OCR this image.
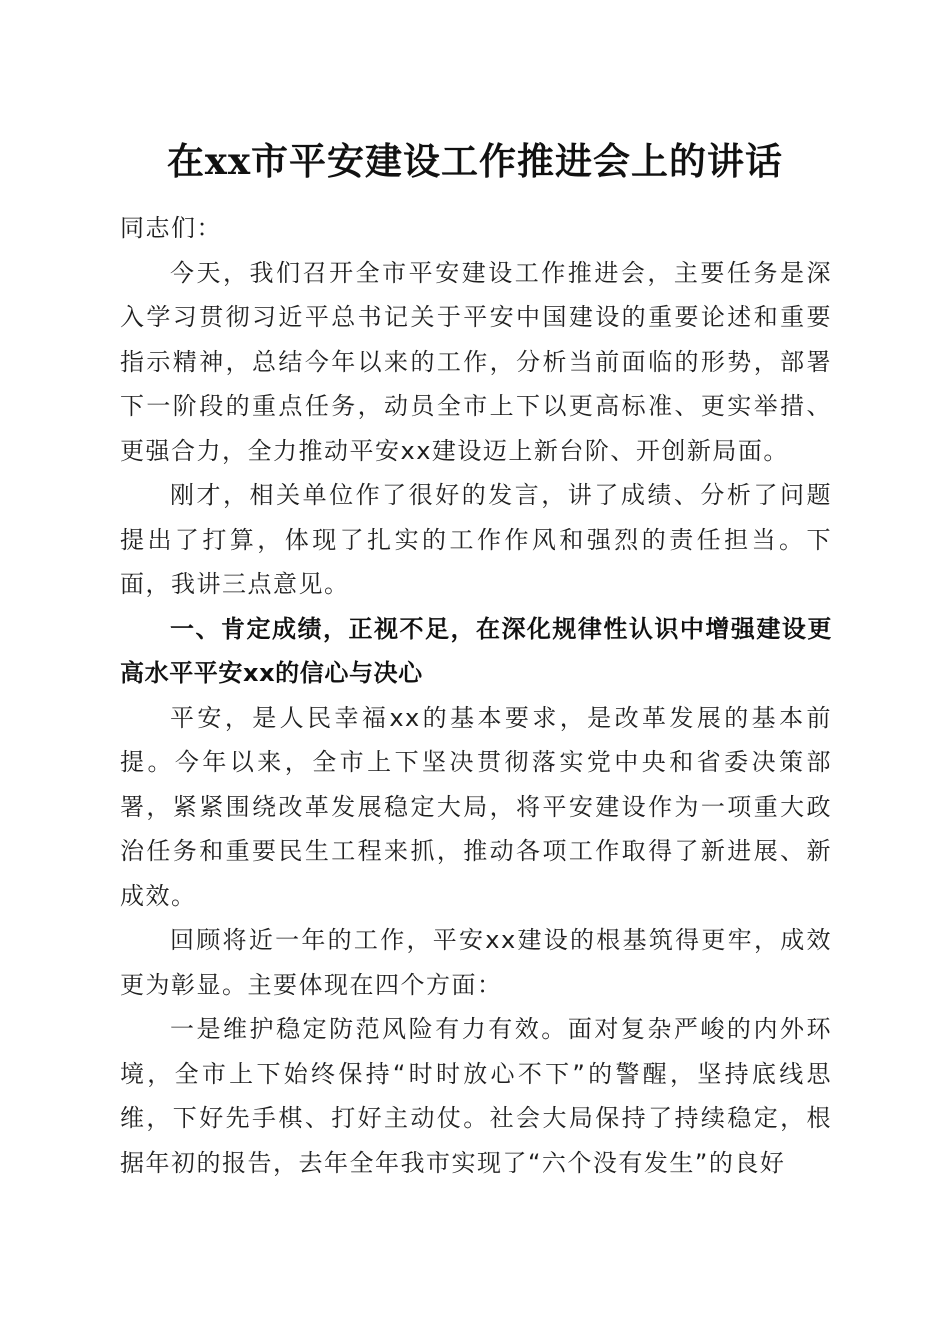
在xx市平安建设工作推进会上的讲话

同志们：

今天，我们召开全市平安建设工作推进会，主要任务是深入学习贯彻习近平总书记关于平安中国建设的重要论述和重要指示精神，总结今年以来的工作，分析当前面临的形势，部署下一阶段的重点任务，动员全市上下以更高标准、更实举措、更强合力，全力推动平安xx建设迈上新台阶、开创新局面。

刚才，相关单位作了很好的发言，讲了成绩、分析了问题提出了打算，体现了扎实的工作作风和强烈的责任担当。下面，我讲三点意见。

一、肯定成绩，正视不足，在深化规律性认识中增强建设更高水平平安xx的信心与决心

平安，是人民幸福xx的基本要求，是改革发展的基本前提。今年以来，全市上下坚决贯彻落实党中央和省委决策部署，紧紧围绕改革发展稳定大局，将平安建设作为一项重大政治任务和重要民生工程来抓，推动各项工作取得了新进展、新成效。

回顾将近一年的工作，平安xx建设的根基筑得更牢，成效更为彰显。主要体现在四个方面：

一是维护稳定防范风险有力有效。面对复杂严峻的内外环境，全市上下始终保持“时时放心不下”的警醒，坚持底线思维，下好先手棋、打好主动仗。社会大局保持了持续稳定，根据年初的报告，去年全年我市实现了“六个没有发生”的良好
